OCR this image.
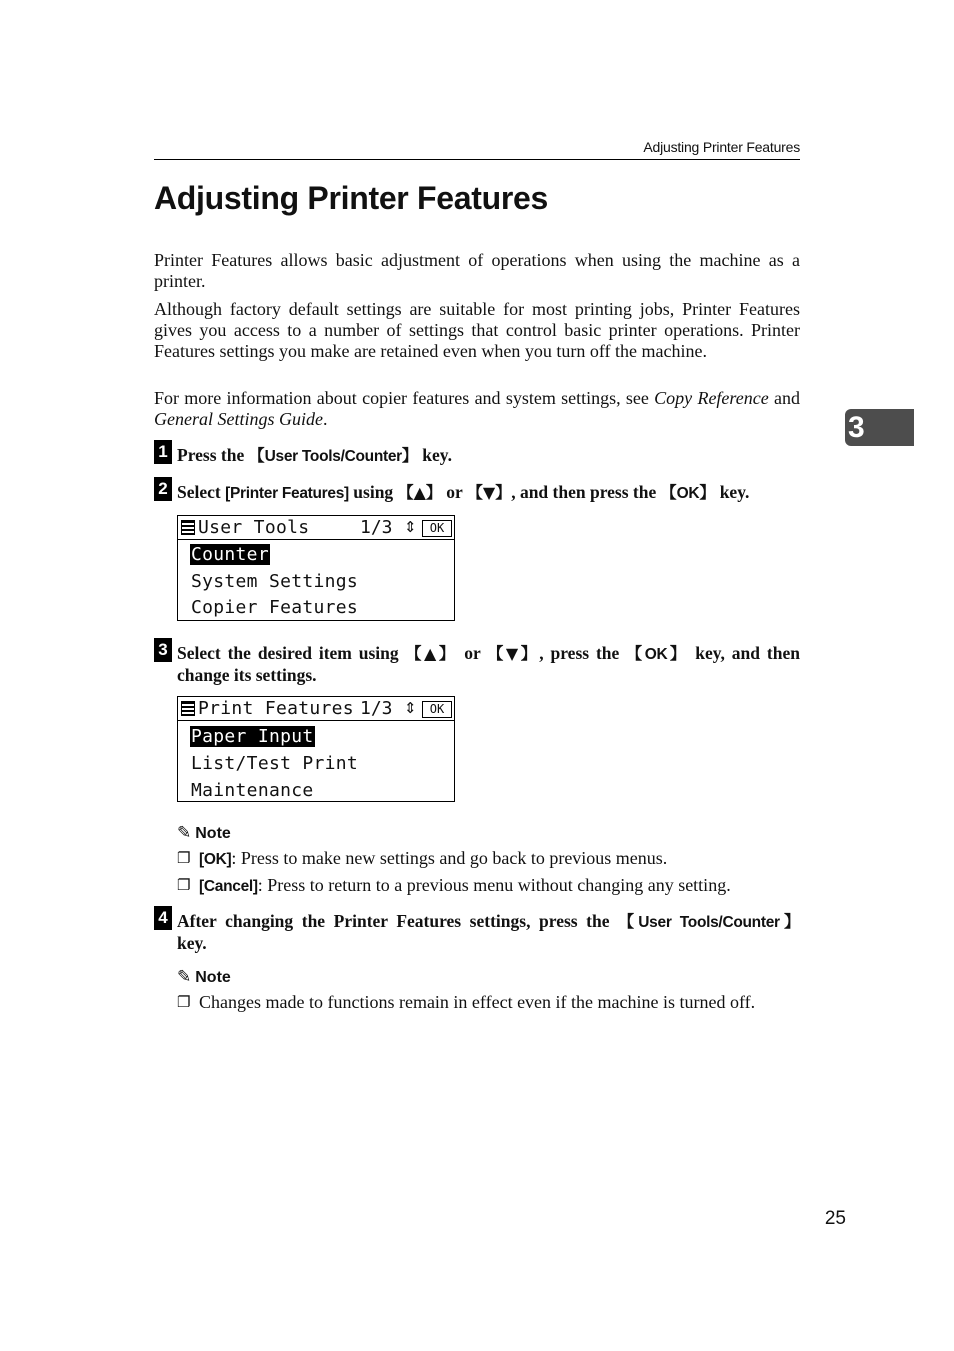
Adjusting Printer Features
Adjusting Printer Features

Printer Features allows basic adjustment of operations when using the machine as a printer.

Although factory default settings are suitable for most printing jobs, Printer Features gives you access to a number of settings that control basic printer operations. Printer Features settings you make are retained even when you turn off the machine.

For more information about copier features and system settings, see Copy Reference and General Settings Guide.	3
1 Press the 【User Tools/Counter】 key.
2 Select [Printer Features] using 【▲】 or 【▼】, and then press the 【OK】 key.
User Tools	1/3 ⇕	OK
Counter
System Settings
Copier Features
3 Select the desired item using 【▲】 or 【▼】, press the 【OK】 key, and then
change its settings.
Print Features 1/3 ⇕	OK
Paper Input
List/Test Print
Maintenance
✎ Note
❐ [OK]: Press to make new settings and go back to previous menus.
❐ [Cancel]: Press to return to a previous menu without changing any setting.
4 After changing the Printer Features settings, press the 【User Tools/Counter】
key.
✎ Note
❐ Changes made to functions remain in effect even if the machine is turned off.
25
